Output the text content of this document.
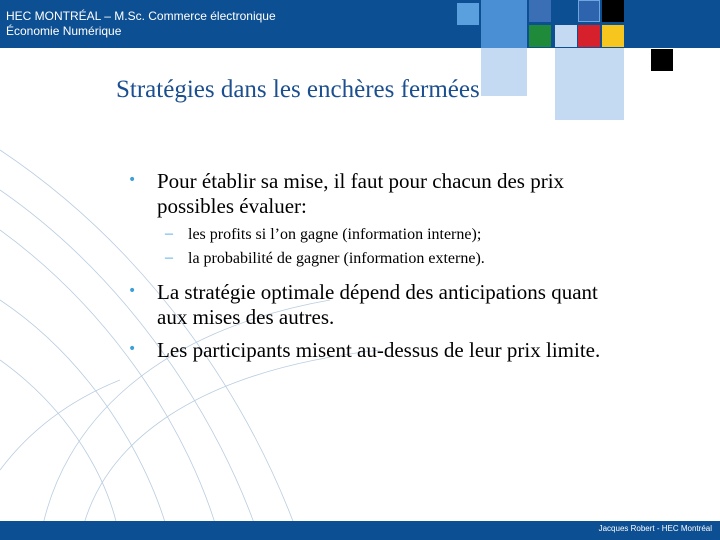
HEC MONTRÉAL – M.Sc. Commerce électronique
Économie Numérique
Stratégies dans les enchères fermées
• Pour établir sa mise, il faut pour chacun des prix
possibles évaluer:
– les profits si l’on gagne (information interne);
– la probabilité de gagner (information externe).
• La stratégie optimale dépend des anticipations quant
aux mises des autres.
• Les participants misent au-dessus de leur prix limite.
Jacques Robert - HEC Montréal
